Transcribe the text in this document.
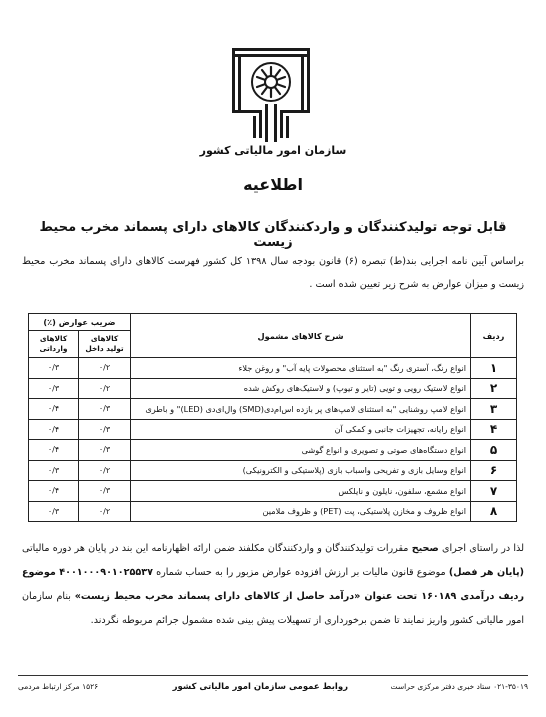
سازمان امور مالیاتی کشور
اطلاعیه
قابل توجه تولیدکنندگان و واردکنندگان کالاهای دارای پسماند مخرب محیط زیست
براساس آیین نامه اجرایی بند(ط) تبصره (۶) قانون بودجه سال ۱۳۹۸ کل کشور فهرست کالاهای دارای پسماند مخرب محیط زیست و میزان عوارض به شرح زیر تعیین شده است .
ردیف	شرح کالاهای مشمول	ضریب عوارض (٪)	
		کالاهای تولید داخل	کالاهای وارداتی
۱	انواع رنگ، آستری رنگ "به استثنای محصولات پایه آب" و روغن جلاء	۰/۲	۰/۳
۲	انواع لاستیک رویی و تویی (تایر و تیوپ) و لاستیک‌های روکش شده	۰/۲	۰/۳
۳	انواع لامپ روشنایی "به استثنای لامپ‌های پر بازده اس‌ام‌دی(SMD) وال‌ای‌دی (LED)" و باطری	۰/۳	۰/۴
۴	انواع رایانه، تجهیزات جانبی و کمکی آن	۰/۳	۰/۴
۵	انواع دستگاه‌های صوتی و تصویری و انواع گوشی	۰/۳	۰/۴
۶	انواع وسایل بازی و تفریحی واسباب بازی (پلاستیکی و الکترونیکی)	۰/۲	۰/۳
۷	انواع مشمع، سلفون، نایلون و نایلکس	۰/۳	۰/۴
۸	انواع ظروف و مخازن پلاستیکی، پت (PET) و ظروف ملامین	۰/۲	۰/۳
لذا در راستای اجرای صحیح مقررات تولیدکنندگان و واردکنندگان مکلفند ضمن ارائه اظهارنامه این بند در پایان هر دوره مالیاتی (پایان هر فصل) موضوع قانون مالیات بر ارزش افزوده عوارض مزبور را به حساب شماره ۴۰۰۱۰۰۰۹۰۱۰۲۵۵۳۷ موضوع ردیف درآمدی ۱۶۰۱۸۹ تحت عنوان «درآمد حاصل از کالاهای دارای پسماند مخرب محیط زیست» بنام سازمان امور مالیاتی کشور واریز نمایند تا ضمن برخورداری از تسهیلات پیش بینی شده مشمول جرائم مربوطه نگردند.
۰۲۱-۳۵۰۱۹ ستاد خبری دفتر مرکزی حراست
روابط عمومی سازمان امور مالیاتی کشور
۱۵۲۶ مرکز ارتباط مردمی
